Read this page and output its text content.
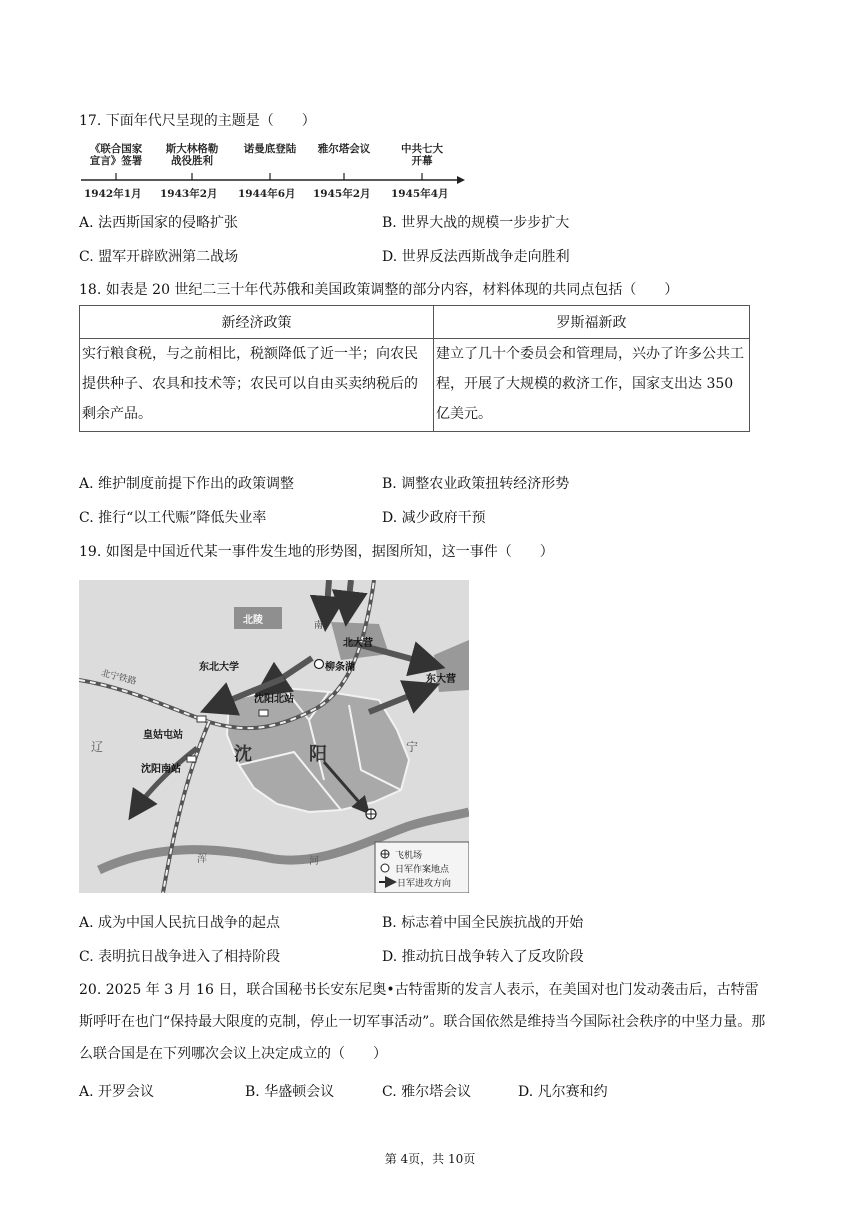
17. 下面年代尺呈现的主题是（　　）
《联合国家
宣言》签署
斯大林格勒
战役胜利
诺曼底登陆	雅尔塔会议	中共七大
开幕
1942年1月 1943年2月 1944年6月 1945年2月 1945年4月
A. 法西斯国家的侵略扩张	B. 世界大战的规模一步步扩大
C. 盟军开辟欧洲第二战场	D. 世界反法西斯战争走向胜利
18. 如表是 20 世纪二三十年代苏俄和美国政策调整的部分内容，材料体现的共同点包括（　　）
新经济政策	罗斯福新政
实行粮食税，与之前相比，税额降低了近一半；向农民提供种子、农具和技术等；农民可以自由买卖纳税后的剩余产品。	建立了几十个委员会和管理局，兴办了许多公共工程，开展了大规模的救济工作，国家支出达 350 亿美元。
A. 维护制度前提下作出的政策调整	B. 调整农业政策扭转经济形势
C. 推行“以工代赈”降低失业率	D. 减少政府干预
19. 如图是中国近代某一事件发生地的形势图，据图所知，这一事件（　　）
北陵
北大营
柳条湖
东北大学
东大营
沈阳北站
皇姑屯站
沈阳南站
沈	阳
辽	宁
浑	河
南
北宁铁路
飞机场
日军作案地点
日军进攻方向
A. 成为中国人民抗日战争的起点	B. 标志着中国全民族抗战的开始
C. 表明抗日战争进入了相持阶段	D. 推动抗日战争转入了反攻阶段
20. 2025 年 3 月 16 日，联合国秘书长安东尼奥•古特雷斯的发言人表示，在美国对也门发动袭击后，古特雷斯呼吁在也门“保持最大限度的克制，停止一切军事活动”。联合国依然是维持当今国际社会秩序的中坚力量。那么联合国是在下列哪次会议上决定成立的（　　）
A. 开罗会议	B. 华盛顿会议	C. 雅尔塔会议	D. 凡尔赛和约
第 4页，共 10页
